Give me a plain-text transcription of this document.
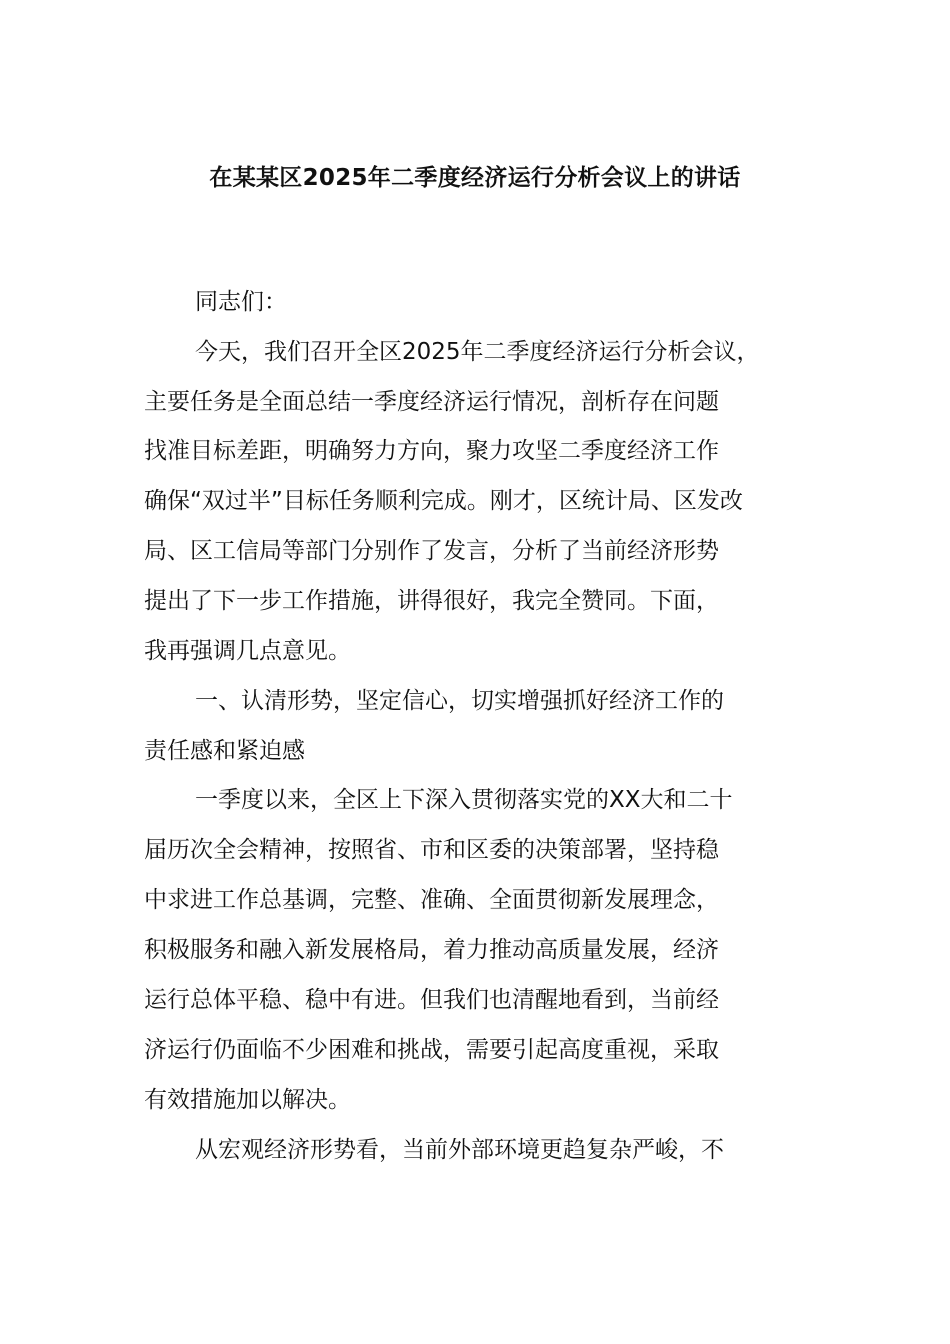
在某某区2025年二季度经济运行分析会议上的讲话
同志们：
今天，我们召开全区2025年二季度经济运行分析会议，
主要任务是全面总结一季度经济运行情况，剖析存在问题
找准目标差距，明确努力方向，聚力攻坚二季度经济工作
确保“双过半”目标任务顺利完成。刚才，区统计局、区发改
局、区工信局等部门分别作了发言，分析了当前经济形势
提出了下一步工作措施，讲得很好，我完全赞同。下面，
我再强调几点意见。
一、认清形势，坚定信心，切实增强抓好经济工作的
责任感和紧迫感
一季度以来，全区上下深入贯彻落实党的XX大和二十
届历次全会精神，按照省、市和区委的决策部署，坚持稳
中求进工作总基调，完整、准确、全面贯彻新发展理念，
积极服务和融入新发展格局，着力推动高质量发展，经济
运行总体平稳、稳中有进。但我们也清醒地看到，当前经
济运行仍面临不少困难和挑战，需要引起高度重视，采取
有效措施加以解决。
从宏观经济形势看，当前外部环境更趋复杂严峻，不
